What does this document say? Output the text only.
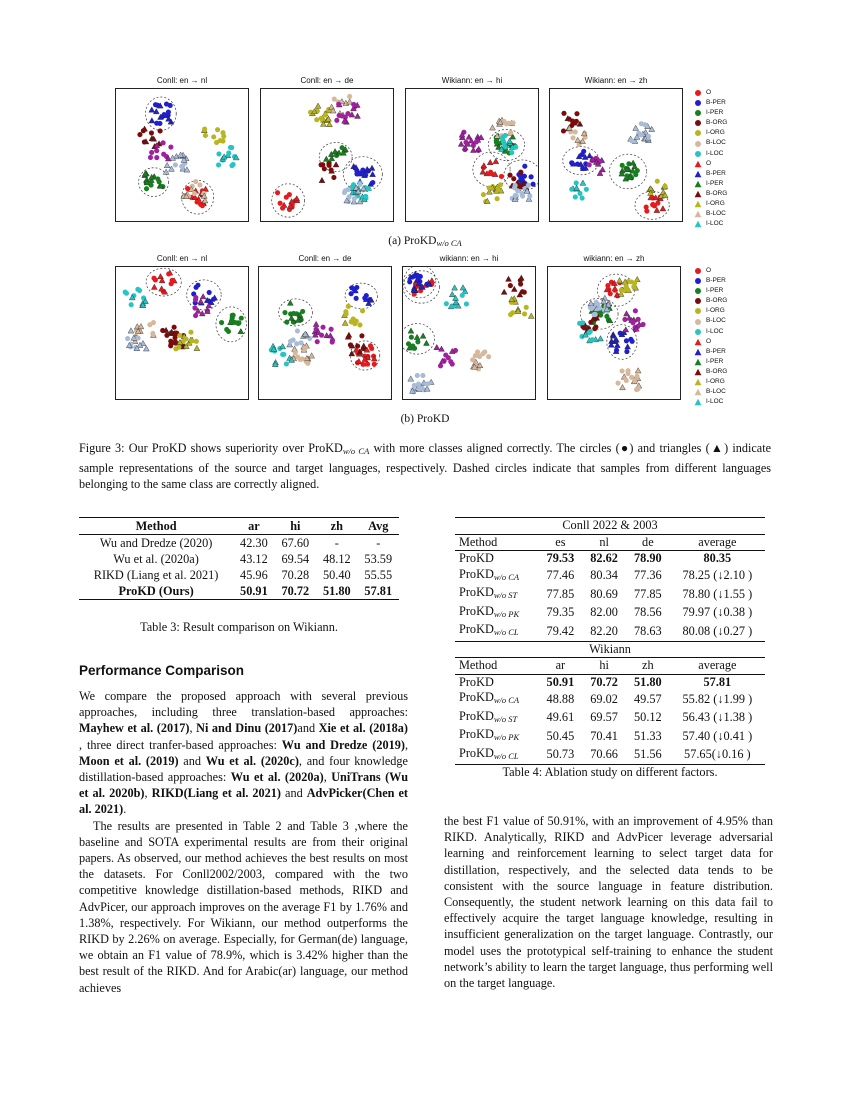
Conll: en → nl	Conll: en → de	Wikiann: en → hi	Wikiann: en → zh
O
B-PER
I-PER
B-ORG
I-ORG
B-LOC
I-LOC
O
B-PER
I-PER
B-ORG
I-ORG
B-LOC
I-LOC
(a) ProKD$_{w/o CA}$
Conll: en → nl	Conll: en → de	wikiann: en → hi	wikiann: en → zh
O
B-PER
I-PER
B-ORG
I-ORG
B-LOC
I-LOC
O
B-PER
I-PER
B-ORG
I-ORG
B-LOC
I-LOC
(b) ProKD
Figure 3: Our ProKD shows superiority over ProKD$_{w/o CA}$ with more classes aligned correctly. The circles (●) and triangles (▲) indicate sample representations of the source and target languages, respectively. Dashed circles indicate that samples from different languages belonging to the same class are correctly aligned.
Method	ar	hi	zh	Avg
Wu and Dredze (2020)	42.30	67.60	-	-
Wu et al. (2020a)	43.12	69.54	48.12	53.59
RIKD (Liang et al. 2021)	45.96	70.28	50.40	55.55
ProKD (Ours)	50.91	70.72	51.80	57.81
Table 3: Result comparison on Wikiann.
Conll 2022 & 2003				
Method	es	nl	de	average
ProKD	79.53	82.62	78.90	80.35
ProKD$_{w/o CA}$	77.46	80.34	77.36	78.25 (↓2.10 )
ProKD$_{w/o ST}$	77.85	80.69	77.85	78.80 (↓1.55 )
ProKD$_{w/o PK}$	79.35	82.00	78.56	79.97 (↓0.38 )
ProKD$_{w/o CL}$	79.42	82.20	78.63	80.08 (↓0.27 )
Wikiann				
Method	ar	hi	zh	average
ProKD	50.91	70.72	51.80	57.81
ProKD$_{w/o CA}$	48.88	69.02	49.57	55.82 (↓1.99 )
ProKD$_{w/o ST}$	49.61	69.57	50.12	56.43 (↓1.38 )
ProKD$_{w/o PK}$	50.45	70.41	51.33	57.40 (↓0.41 )
ProKD$_{w/o CL}$	50.73	70.66	51.56	57.65(↓0.16 )
Table 4: Ablation study on different factors.
Performance Comparison

We compare the proposed approach with several previous approaches, including three translation-based approaches: Mayhew et al. (2017), Ni and Dinu (2017)and Xie et al. (2018a) , three direct tranfer-based approaches: Wu and Dredze (2019), Moon et al. (2019) and Wu et al. (2020c), and four knowledge distillation-based approaches: Wu et al. (2020a), UniTrans (Wu et al. 2020b), RIKD(Liang et al. 2021) and AdvPicker(Chen et al. 2021).

The results are presented in Table 2 and Table 3 ,where the baseline and SOTA experimental results are from their original papers. As observed, our method achieves the best results on most the datasets. For Conll2002/2003, compared with the two competitive knowledge distillation-based methods, RIKD and AdvPicer, our approach improves on the average F1 by 1.76% and 1.38%, respectively. For Wikiann, our method outperforms the RIKD by 2.26% on average. Especially, for German(de) language, we obtain an F1 value of 78.9%, which is 3.42% higher than the best result of the RIKD. And for Arabic(ar) language, our method achieves

the best F1 value of 50.91%, with an improvement of 4.95% than RIKD. Analytically, RIKD and AdvPicer leverage adversarial learning and reinforcement learning to select target data for distillation, respectively, and the selected data tends to be consistent with the source language in feature distribution. Consequently, the student network learning on this data fail to effectively acquire the target language knowledge, resulting in insufficient generalization on the target language. Contrastly, our model uses the prototypical self-training to enhance the student network’s ability to learn the target language, thus performing well on the target language.
